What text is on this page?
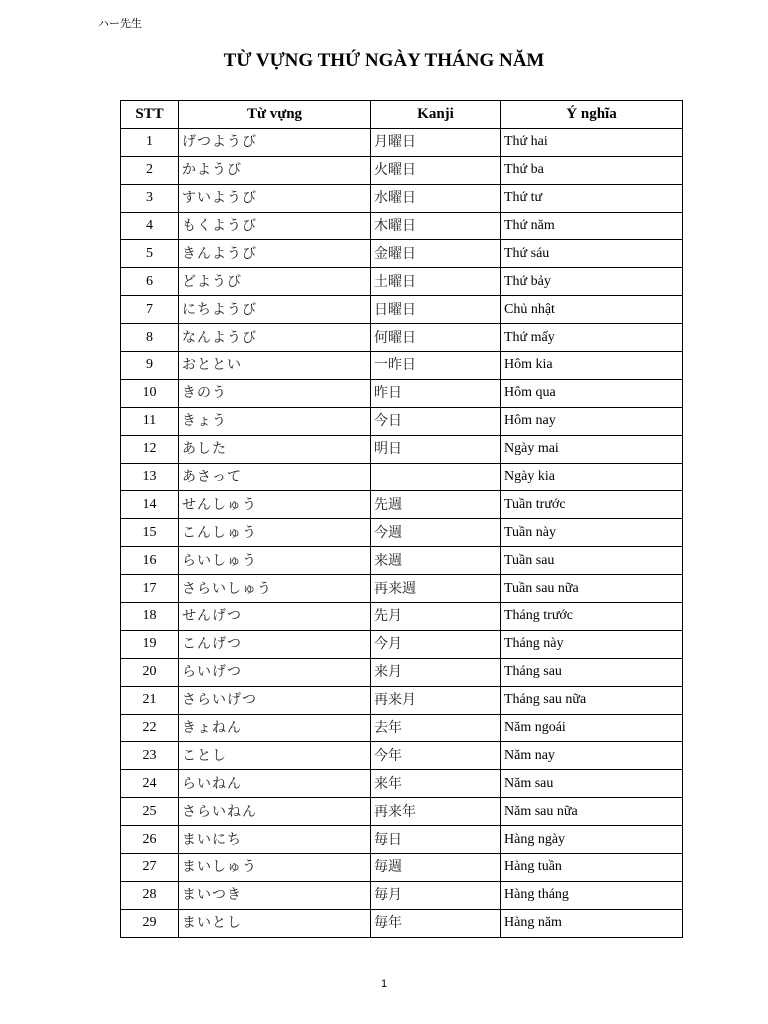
ハー先生
TỪ VỰNG THỨ NGÀY THÁNG NĂM
STT	Từ vựng	Kanji	Ý nghĩa
1	げつようび	月曜日	Thứ hai
2	かようび	火曜日	Thứ ba
3	すいようび	水曜日	Thứ tư
4	もくようび	木曜日	Thứ năm
5	きんようび	金曜日	Thứ sáu
6	どようび	土曜日	Thứ bảy
7	にちようび	日曜日	Chủ nhật
8	なんようび	何曜日	Thứ mấy
9	おととい	一昨日	Hôm kia
10	きのう	昨日	Hôm qua
11	きょう	今日	Hôm nay
12	あした	明日	Ngày mai
13	あさって		Ngày kia
14	せんしゅう	先週	Tuần trước
15	こんしゅう	今週	Tuần này
16	らいしゅう	来週	Tuần sau
17	さらいしゅう	再来週	Tuần sau nữa
18	せんげつ	先月	Tháng trước
19	こんげつ	今月	Tháng này
20	らいげつ	来月	Tháng sau
21	さらいげつ	再来月	Tháng sau nữa
22	きょねん	去年	Năm ngoái
23	ことし	今年	Năm nay
24	らいねん	来年	Năm sau
25	さらいねん	再来年	Năm sau nữa
26	まいにち	毎日	Hàng ngày
27	まいしゅう	毎週	Hàng tuần
28	まいつき	毎月	Hàng tháng
29	まいとし	毎年	Hàng năm
1
